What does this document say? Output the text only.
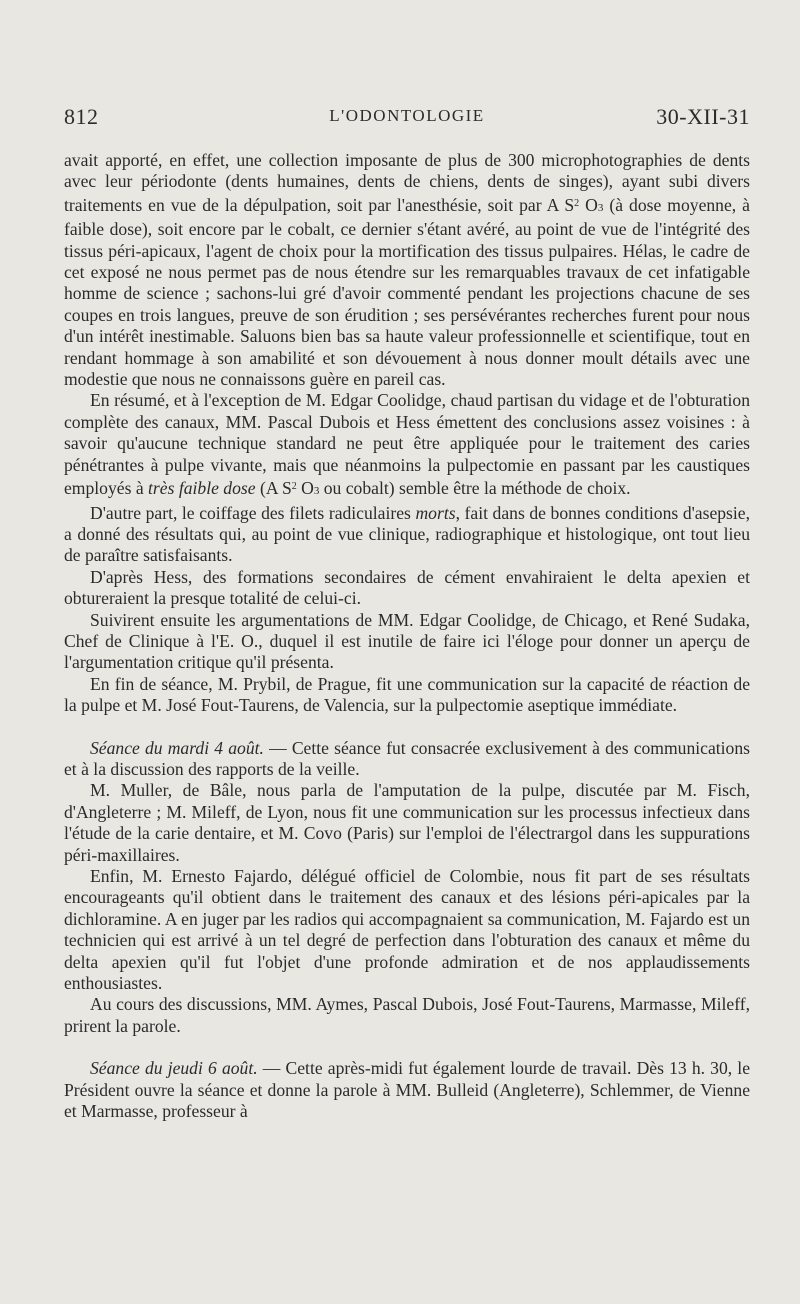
812	L'ODONTOLOGIE	30-XII-31

avait apporté, en effet, une collection imposante de plus de 300 microphotographies de dents avec leur périodonte (dents humaines, dents de chiens, dents de singes), ayant subi divers traitements en vue de la dépulpation, soit par l'anesthésie, soit par A $S^2$ O3 (à dose moyenne, à faible dose), soit encore par le cobalt, ce dernier s'étant avéré, au point de vue de l'intégrité des tissus péri-apicaux, l'agent de choix pour la mortification des tissus pulpaires. Hélas, le cadre de cet exposé ne nous permet pas de nous étendre sur les remarquables travaux de cet infatigable homme de science ; sachons-lui gré d'avoir commenté pendant les projections chacune de ses coupes en trois langues, preuve de son érudition ; ses persévérantes recherches furent pour nous d'un intérêt inestimable. Saluons bien bas sa haute valeur professionnelle et scientifique, tout en rendant hommage à son amabilité et son dévouement à nous donner moult détails avec une modestie que nous ne connaissons guère en pareil cas.

En résumé, et à l'exception de M. Edgar Coolidge, chaud partisan du vidage et de l'obturation complète des canaux, MM. Pascal Dubois et Hess émettent des conclusions assez voisines : à savoir qu'aucune technique standard ne peut être appliquée pour le traitement des caries pénétrantes à pulpe vivante, mais que néanmoins la pulpectomie en passant par les caustiques employés à très faible dose (A $S^2$ O3 ou cobalt) semble être la méthode de choix.

D'autre part, le coiffage des filets radiculaires morts, fait dans de bonnes conditions d'asepsie, a donné des résultats qui, au point de vue clinique, radiographique et histologique, ont tout lieu de paraître satisfaisants.

D'après Hess, des formations secondaires de cément envahiraient le delta apexien et obtureraient la presque totalité de celui-ci.

Suivirent ensuite les argumentations de MM. Edgar Coolidge, de Chicago, et René Sudaka, Chef de Clinique à l'E. O., duquel il est inutile de faire ici l'éloge pour donner un aperçu de l'argumentation critique qu'il présenta.

En fin de séance, M. Prybil, de Prague, fit une communication sur la capacité de réaction de la pulpe et M. José Fout-Taurens, de Valencia, sur la pulpectomie aseptique immédiate.

Séance du mardi 4 août. — Cette séance fut consacrée exclusivement à des communications et à la discussion des rapports de la veille.

M. Muller, de Bâle, nous parla de l'amputation de la pulpe, discutée par M. Fisch, d'Angleterre ; M. Mileff, de Lyon, nous fit une communication sur les processus infectieux dans l'étude de la carie dentaire, et M. Covo (Paris) sur l'emploi de l'électrargol dans les suppurations péri-maxillaires.

Enfin, M. Ernesto Fajardo, délégué officiel de Colombie, nous fit part de ses résultats encourageants qu'il obtient dans le traitement des canaux et des lésions péri-apicales par la dichloramine. A en juger par les radios qui accompagnaient sa communication, M. Fajardo est un technicien qui est arrivé à un tel degré de perfection dans l'obturation des canaux et même du delta apexien qu'il fut l'objet d'une profonde admiration et de nos applaudissements enthousiastes.

Au cours des discussions, MM. Aymes, Pascal Dubois, José Fout-Taurens, Marmasse, Mileff, prirent la parole.

Séance du jeudi 6 août. — Cette après-midi fut également lourde de travail. Dès 13 h. 30, le Président ouvre la séance et donne la parole à MM. Bulleid (Angleterre), Schlemmer, de Vienne et Marmasse, professeur à
